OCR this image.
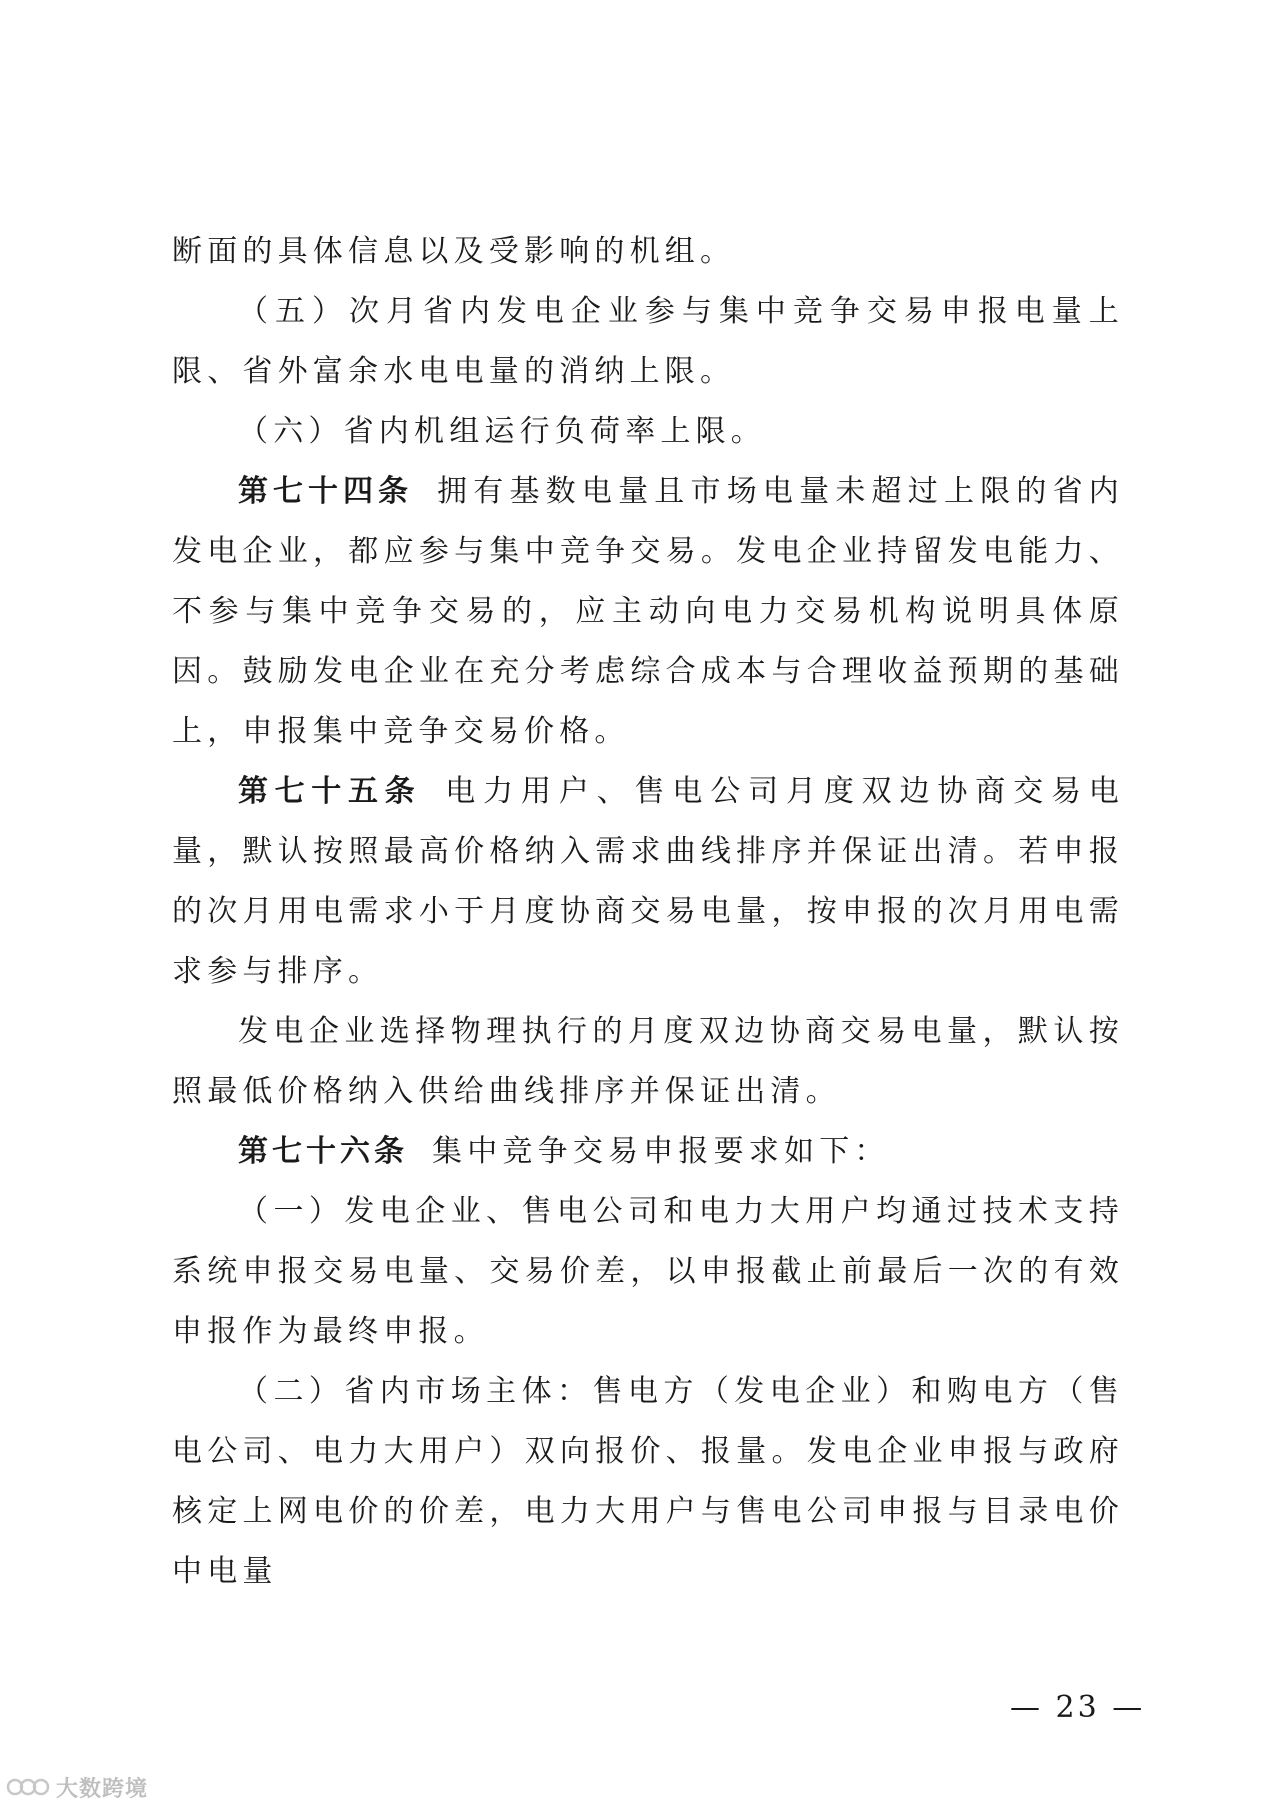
断面的具体信息以及受影响的机组。

（五）次月省内发电企业参与集中竞争交易申报电量上限、省外富余水电电量的消纳上限。

（六）省内机组运行负荷率上限。

第七十四条 拥有基数电量且市场电量未超过上限的省内发电企业，都应参与集中竞争交易。发电企业持留发电能力、不参与集中竞争交易的，应主动向电力交易机构说明具体原因。鼓励发电企业在充分考虑综合成本与合理收益预期的基础上，申报集中竞争交易价格。

第七十五条 电力用户、售电公司月度双边协商交易电量，默认按照最高价格纳入需求曲线排序并保证出清。若申报的次月用电需求小于月度协商交易电量，按申报的次月用电需求参与排序。

发电企业选择物理执行的月度双边协商交易电量，默认按照最低价格纳入供给曲线排序并保证出清。

第七十六条 集中竞争交易申报要求如下：

（一）发电企业、售电公司和电力大用户均通过技术支持系统申报交易电量、交易价差，以申报截止前最后一次的有效申报作为最终申报。

（二）省内市场主体：售电方（发电企业）和购电方（售电公司、电力大用户）双向报价、报量。发电企业申报与政府核定上网电价的价差，电力大用户与售电公司申报与目录电价中电量

— 23 —
大数跨境
